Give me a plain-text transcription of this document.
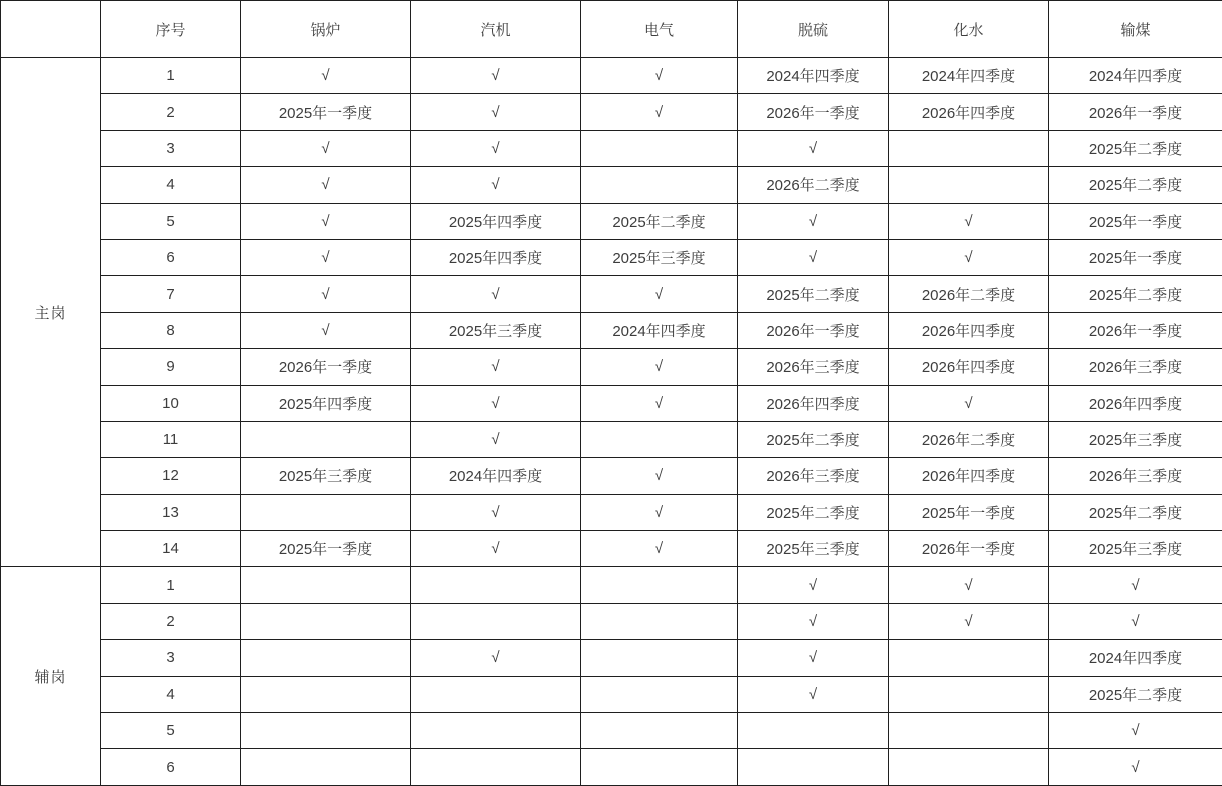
	序号	锅炉	汽机	电气	脱硫	化水	输煤
主岗	1	√	√	√	2024年四季度	2024年四季度	2024年四季度
	2	2025年一季度	√	√	2026年一季度	2026年四季度	2026年一季度
	3	√	√		√		2025年二季度
	4	√	√		2026年二季度		2025年二季度
	5	√	2025年四季度	2025年二季度	√	√	2025年一季度
	6	√	2025年四季度	2025年三季度	√	√	2025年一季度
	7	√	√	√	2025年二季度	2026年二季度	2025年二季度
	8	√	2025年三季度	2024年四季度	2026年一季度	2026年四季度	2026年一季度
	9	2026年一季度	√	√	2026年三季度	2026年四季度	2026年三季度
	10	2025年四季度	√	√	2026年四季度	√	2026年四季度
	11		√		2025年二季度	2026年二季度	2025年三季度
	12	2025年三季度	2024年四季度	√	2026年三季度	2026年四季度	2026年三季度
	13		√	√	2025年二季度	2025年一季度	2025年二季度
	14	2025年一季度	√	√	2025年三季度	2026年一季度	2025年三季度
辅岗	1				√	√	√
	2				√	√	√
	3		√		√		2024年四季度
	4				√		2025年二季度
	5						√
	6						√
